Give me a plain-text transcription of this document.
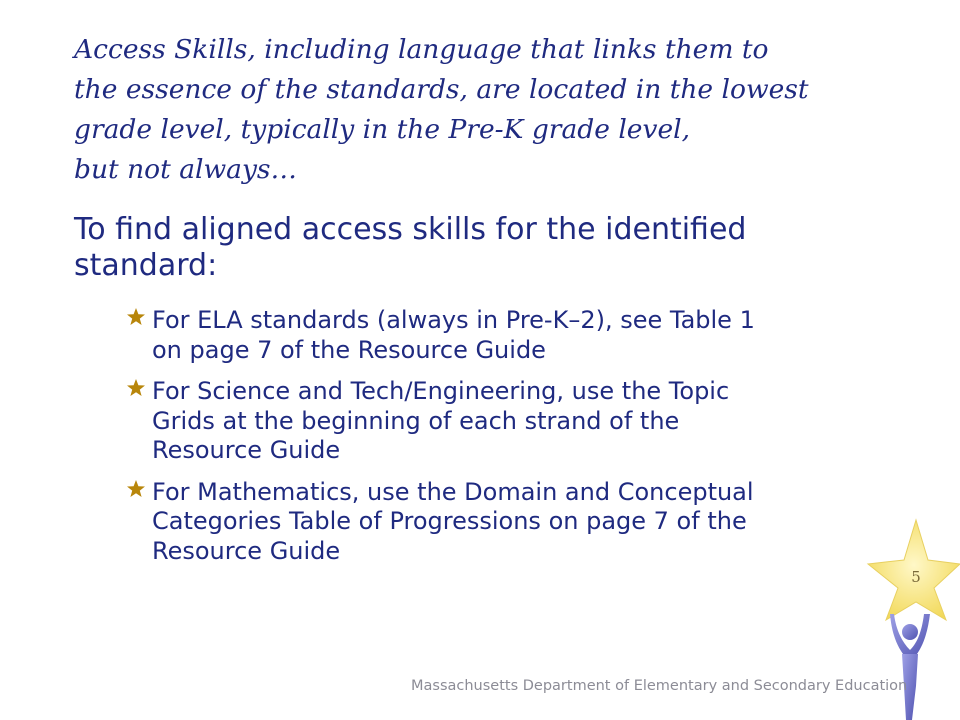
Access Skills, including language that links them to
the essence of the standards, are located in the lowest
grade level, typically in the Pre-K grade level,
but not always…
To find aligned access skills for the identified
standard:
For ELA standards (always in Pre-K–2), see Table 1
on page 7 of the Resource Guide
For Science and Tech/Engineering, use the Topic
Grids at the beginning of each strand of the
Resource Guide
For Mathematics, use the Domain and Conceptual
Categories Table of Progressions on page 7 of the
Resource Guide
5
Massachusetts Department of Elementary and Secondary Education
